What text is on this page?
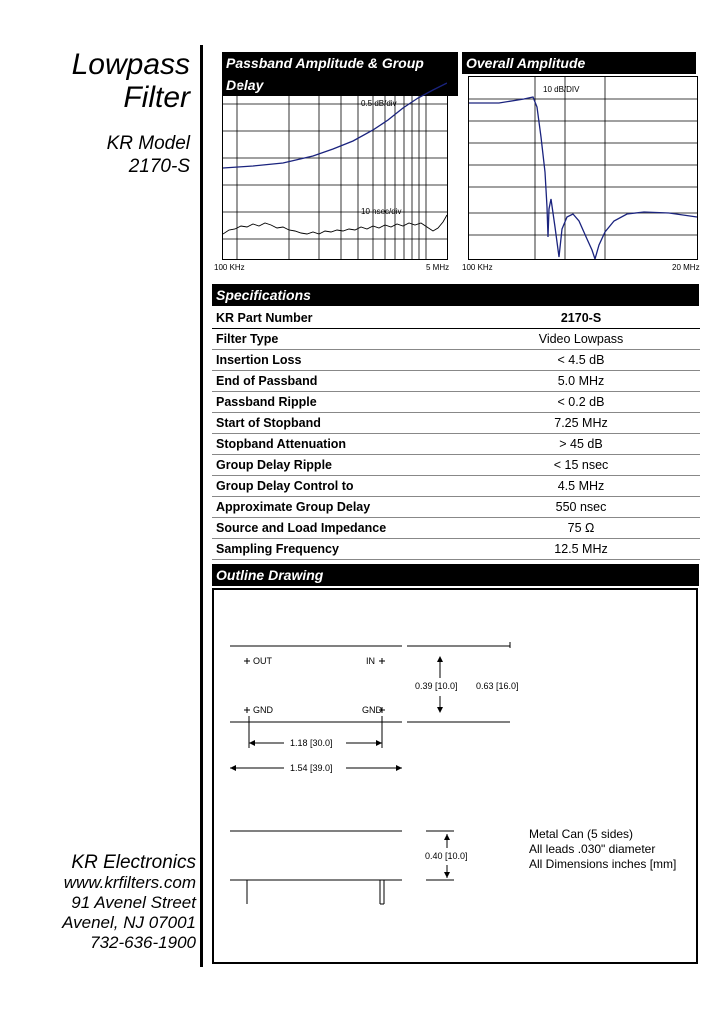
Lowpass
Filter
KR Model
2170-S
KR Electronics
www.krfilters.com
91 Avenel Street
Avenel, NJ 07001
732-636-1900
Passband Amplitude & Group Delay
Overall Amplitude
0.5 dB/div
10 nsec/div
100 KHz	5 MHz
10 dB/DIV
100 KHz	20 MHz
Specifications
KR Part Number	2170-S
Filter Type	Video Lowpass
Insertion Loss	< 4.5 dB
End of Passband	5.0 MHz
Passband Ripple	< 0.2 dB
Start of Stopband	7.25 MHz
Stopband Attenuation	> 45 dB
Group Delay Ripple	< 15 nsec
Group Delay Control to	4.5 MHz
Approximate Group Delay	550 nsec
Source and Load Impedance	75 Ω
Sampling Frequency	12.5 MHz
Outline Drawing
OUT	IN
GND	GND
0.39 [10.0] 0.63 [16.0]
1.18 [30.0]
1.54 [39.0]
0.40 [10.0]
Metal Can (5 sides)
All leads .030" diameter
All Dimensions inches [mm]
